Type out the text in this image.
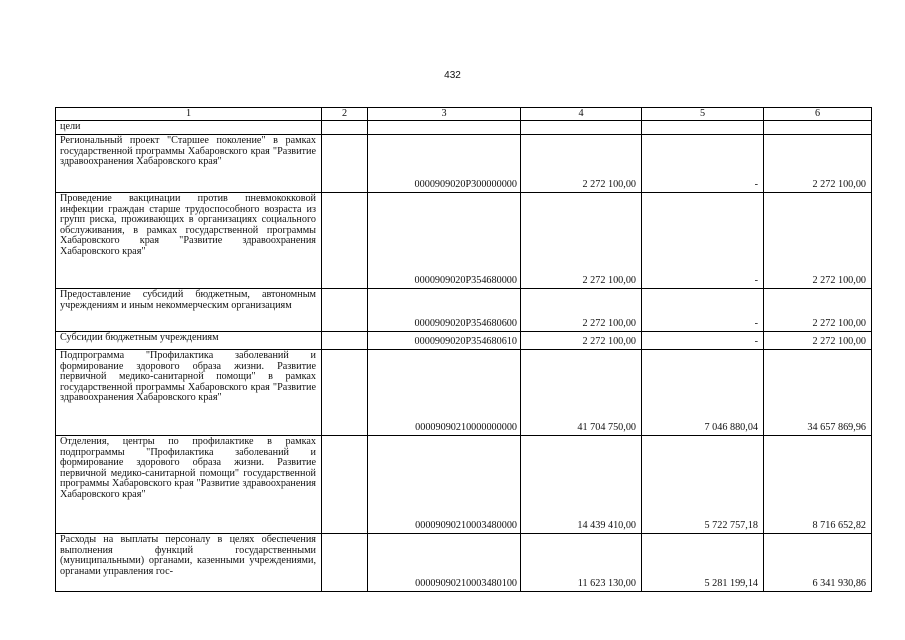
432
1	2	3	4	5	6
цели					
Региональный проект "Старшее поколение" в рамках государственной программы Хабаровского края "Развитие здравоохранения Хабаровского края"		0000909020P300000000	2 272 100,00	-	2 272 100,00
Проведение вакцинации против пневмококковой инфекции граждан старше трудоспособного возраста из групп риска, проживающих в организациях социального обслуживания, в рамках государственной программы Хабаровского края "Развитие здравоохранения Хабаровского края"		0000909020P354680000	2 272 100,00	-	2 272 100,00
Предоставление субсидий бюджетным, автономным учреждениям и иным некоммерческим организациям		0000909020P354680600	2 272 100,00	-	2 272 100,00
Субсидии бюджетным учреждениям		0000909020P354680610	2 272 100,00	-	2 272 100,00
Подпрограмма "Профилактика заболеваний и формирование здорового образа жизни. Развитие первичной медико-санитарной помощи" в рамках государственной программы Хабаровского края "Развитие здравоохранения Хабаровского края"		00009090210000000000	41 704 750,00	7 046 880,04	34 657 869,96
Отделения, центры по профилактике в рамках подпрограммы "Профилактика заболеваний и формирование здорового образа жизни. Развитие первичной медико-санитарной помощи" государственной программы Хабаровского края "Развитие здравоохранения Хабаровского края"		00009090210003480000	14 439 410,00	5 722 757,18	8 716 652,82
Расходы на выплаты персоналу в целях обеспечения выполнения функций государственными (муниципальными) органами, казенными учреждениями, органами управления гос-		00009090210003480100	11 623 130,00	5 281 199,14	6 341 930,86
